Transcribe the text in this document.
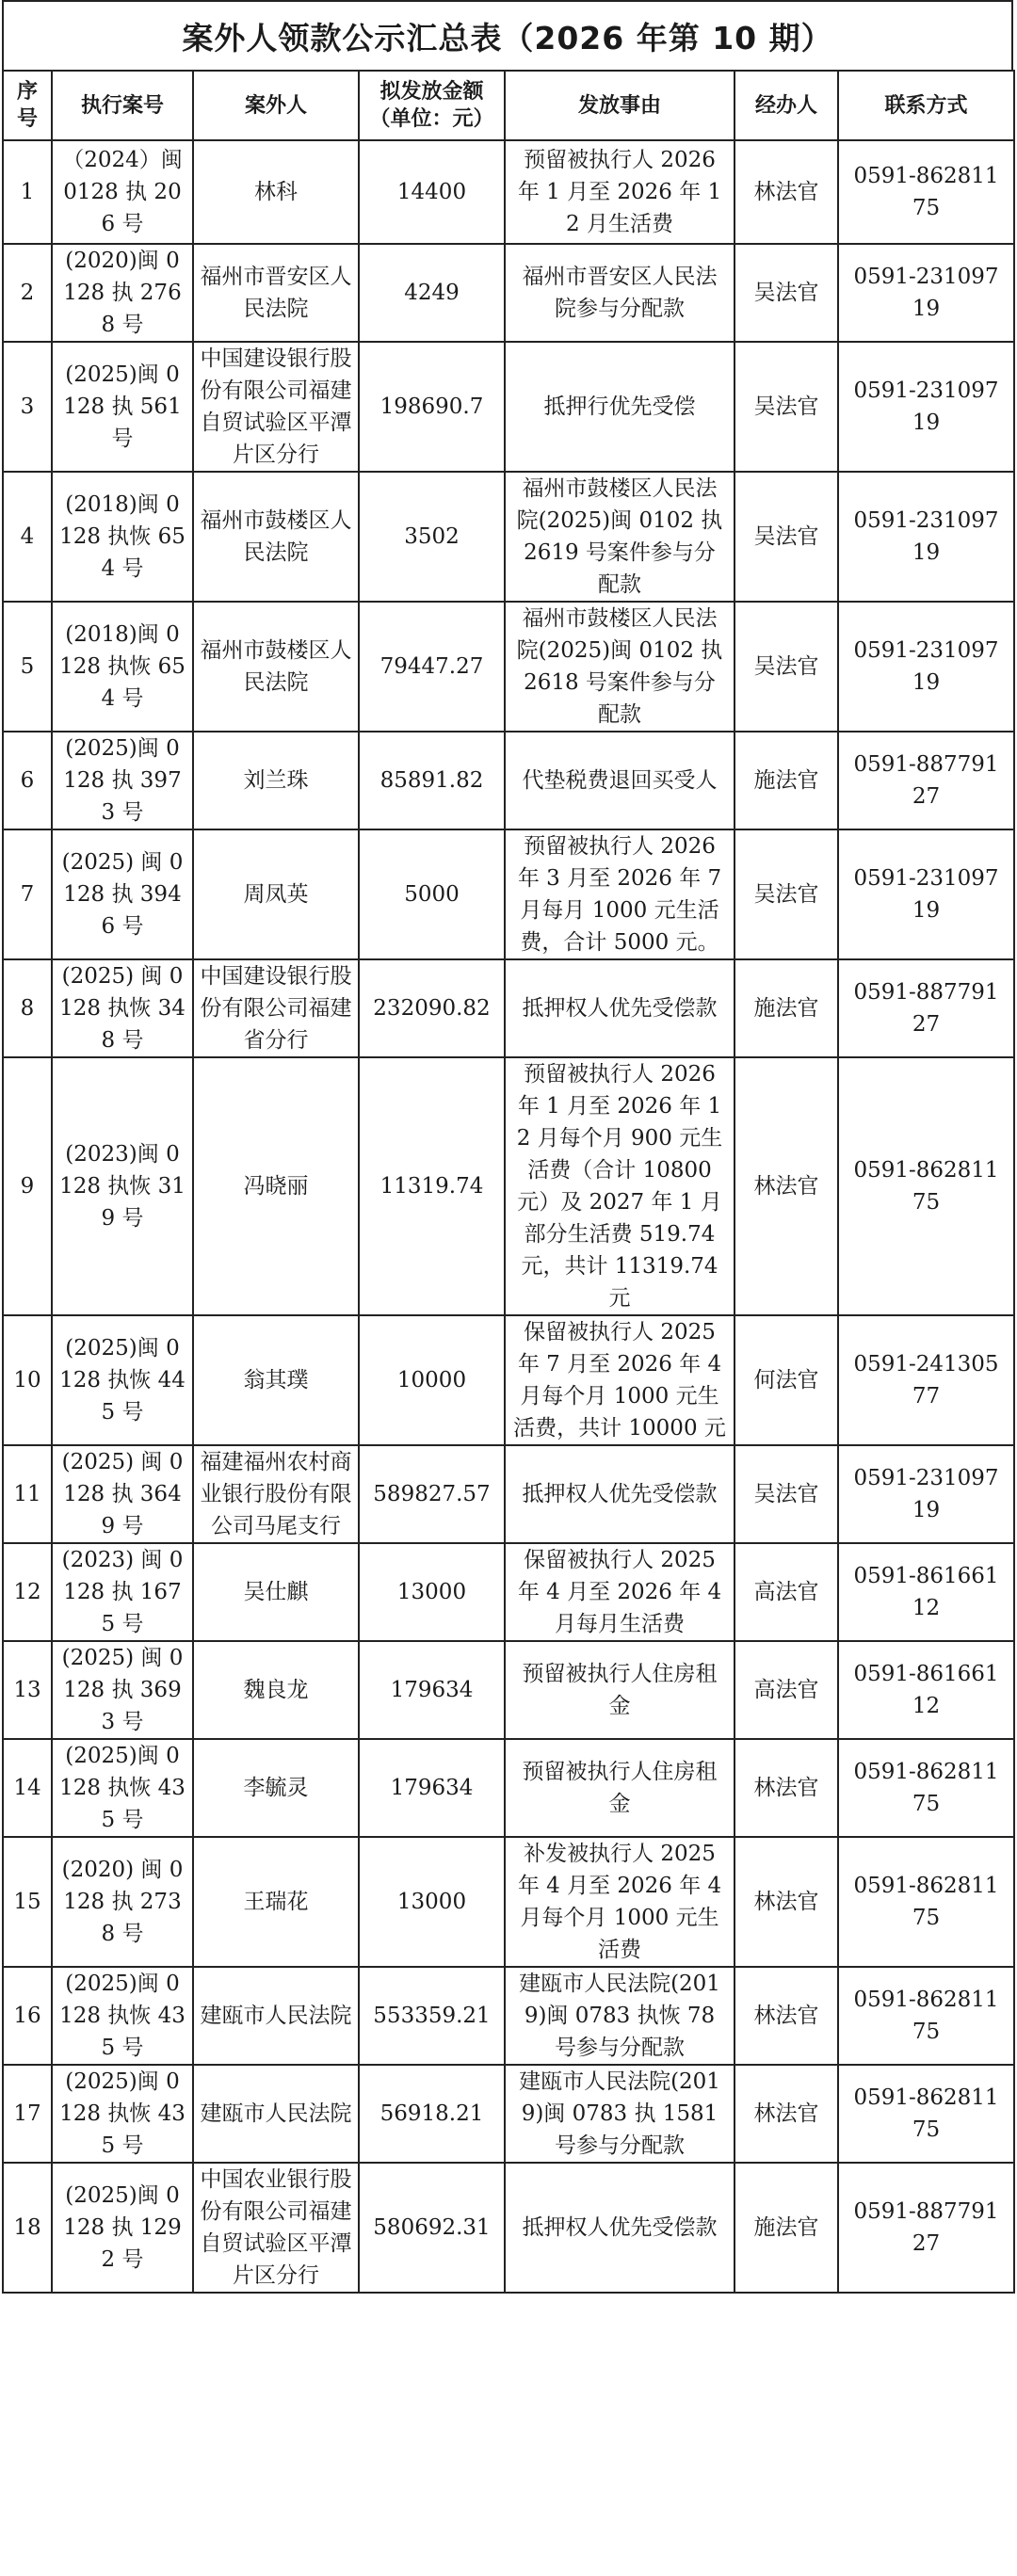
案外人领款公示汇总表（2026 年第 10 期）
序号	执行案号	案外人	拟发放金额（单位：元）	发放事由	经办人	联系方式
1	（2024）闽 0128 执 206 号	林科	14400	预留被执行人 2026 年 1 月至 2026 年 12 月生活费	林法官	0591-86281175
2	(2020)闽 0128 执 2768 号	福州市晋安区人民法院	4249	福州市晋安区人民法院参与分配款	吴法官	0591-23109719
3	(2025)闽 0128 执 561 号	中国建设银行股份有限公司福建自贸试验区平潭片区分行	198690.7	抵押行优先受偿	吴法官	0591-23109719
4	(2018)闽 0128 执恢 654 号	福州市鼓楼区人民法院	3502	福州市鼓楼区人民法院(2025)闽 0102 执2619 号案件参与分配款	吴法官	0591-23109719
5	(2018)闽 0128 执恢 654 号	福州市鼓楼区人民法院	79447.27	福州市鼓楼区人民法院(2025)闽 0102 执2618 号案件参与分配款	吴法官	0591-23109719
6	(2025)闽 0128 执 3973 号	刘兰珠	85891.82	代垫税费退回买受人	施法官	0591-88779127
7	(2025) 闽 0128 执 3946 号	周凤英	5000	预留被执行人 2026 年 3 月至 2026 年 7 月每月 1000 元生活费，合计 5000 元。	吴法官	0591-23109719
8	(2025) 闽 0128 执恢 348 号	中国建设银行股份有限公司福建省分行	232090.82	抵押权人优先受偿款	施法官	0591-88779127
9	(2023)闽 0128 执恢 319 号	冯晓丽	11319.74	预留被执行人 2026 年 1 月至 2026 年 12 月每个月 900 元生活费（合计 10800 元）及 2027 年 1 月部分生活费 519.74 元，共计 11319.74 元	林法官	0591-86281175
10	(2025)闽 0128 执恢 445 号	翁其璞	10000	保留被执行人 2025 年 7 月至 2026 年 4 月每个月 1000 元生活费，共计 10000 元	何法官	0591-24130577
11	(2025) 闽 0128 执 3649 号	福建福州农村商业银行股份有限公司马尾支行	589827.57	抵押权人优先受偿款	吴法官	0591-23109719
12	(2023) 闽 0128 执 1675 号	吴仕麒	13000	保留被执行人 2025 年 4 月至 2026 年 4 月每月生活费	高法官	0591-86166112
13	(2025) 闽 0128 执 3693 号	魏良龙	179634	预留被执行人住房租金	高法官	0591-86166112
14	(2025)闽 0128 执恢 435 号	李毓灵	179634	预留被执行人住房租金	林法官	0591-86281175
15	(2020) 闽 0128 执 2738 号	王瑞花	13000	补发被执行人 2025 年 4 月至 2026 年 4 月每个月 1000 元生活费	林法官	0591-86281175
16	(2025)闽 0128 执恢 435 号	建瓯市人民法院	553359.21	建瓯市人民法院(2019)闽 0783 执恢 78 号参与分配款	林法官	0591-86281175
17	(2025)闽 0128 执恢 435 号	建瓯市人民法院	56918.21	建瓯市人民法院(2019)闽 0783 执 1581 号参与分配款	林法官	0591-86281175
18	(2025)闽 0128 执 1292 号	中国农业银行股份有限公司福建自贸试验区平潭片区分行	580692.31	抵押权人优先受偿款	施法官	0591-88779127
